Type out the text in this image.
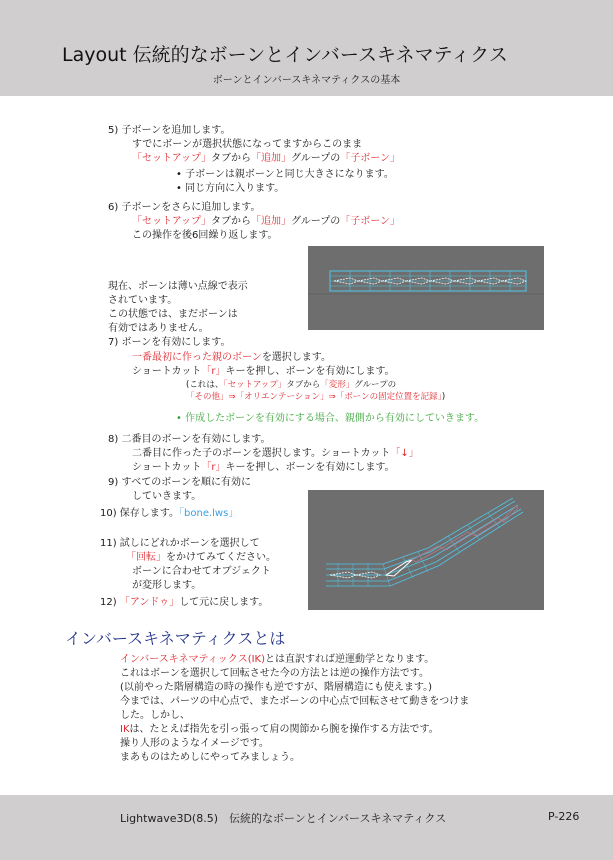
Layout 伝統的なボーンとインバースキネマティクス
ボーンとインバースキネマティクスの基本
5) 子ボーンを追加します。
すでにボーンが選択状態になってますからこのまま
「セットアップ」タブから「追加」グループの「子ボーン」
• 子ボーンは親ボーンと同じ大きさになります。
• 同じ方向に入ります。
6) 子ボーンをさらに追加します。
「セットアップ」タブから「追加」グループの「子ボーン」
この操作を後6回繰り返します。
現在、ボーンは薄い点線で表示
されています。
この状態では、まだボーンは
有効ではありません。
7) ボーンを有効にします。
一番最初に作った親のボーンを選択します。
ショートカット「r」キーを押し、ボーンを有効にします。
(これは、「セットアップ」タブから「変形」グループの
「その他」⇒「オリエンテーション」⇒「ボーンの固定位置を記録」)
• 作成したボーンを有効にする場合、親側から有効にしていきます。
8) 二番目のボーンを有効にします。
二番目に作った子のボーンを選択します。ショートカット「↓」
ショートカット「r」キーを押し、ボーンを有効にします。
9) すべてのボーンを順に有効に
していきます。
10) 保存します。「bone.lws」
11) 試しにどれかボーンを選択して
「回転」をかけてみてください。
ボーンに合わせてオブジェクト
が変形します。
12) 「アンドゥ」して元に戻します。
インバースキネマティクスとは
インバースキネマティックス(IK)とは直訳すれば逆運動学となります。
これはボーンを選択して回転させた今の方法とは逆の操作方法です。
(以前やった階層構造の時の操作も逆ですが、階層構造にも使えます。)
今までは、パーツの中心点で、またボーンの中心点で回転させて動きをつけま
した。しかし、
IKは、たとえば指先を引っ張って肩の関節から腕を操作する方法です。
操り人形のようなイメージです。
まあものはためしにやってみましょう。
Lightwave3D(8.5)　伝統的なボーンとインバースキネマティクス	P-226
